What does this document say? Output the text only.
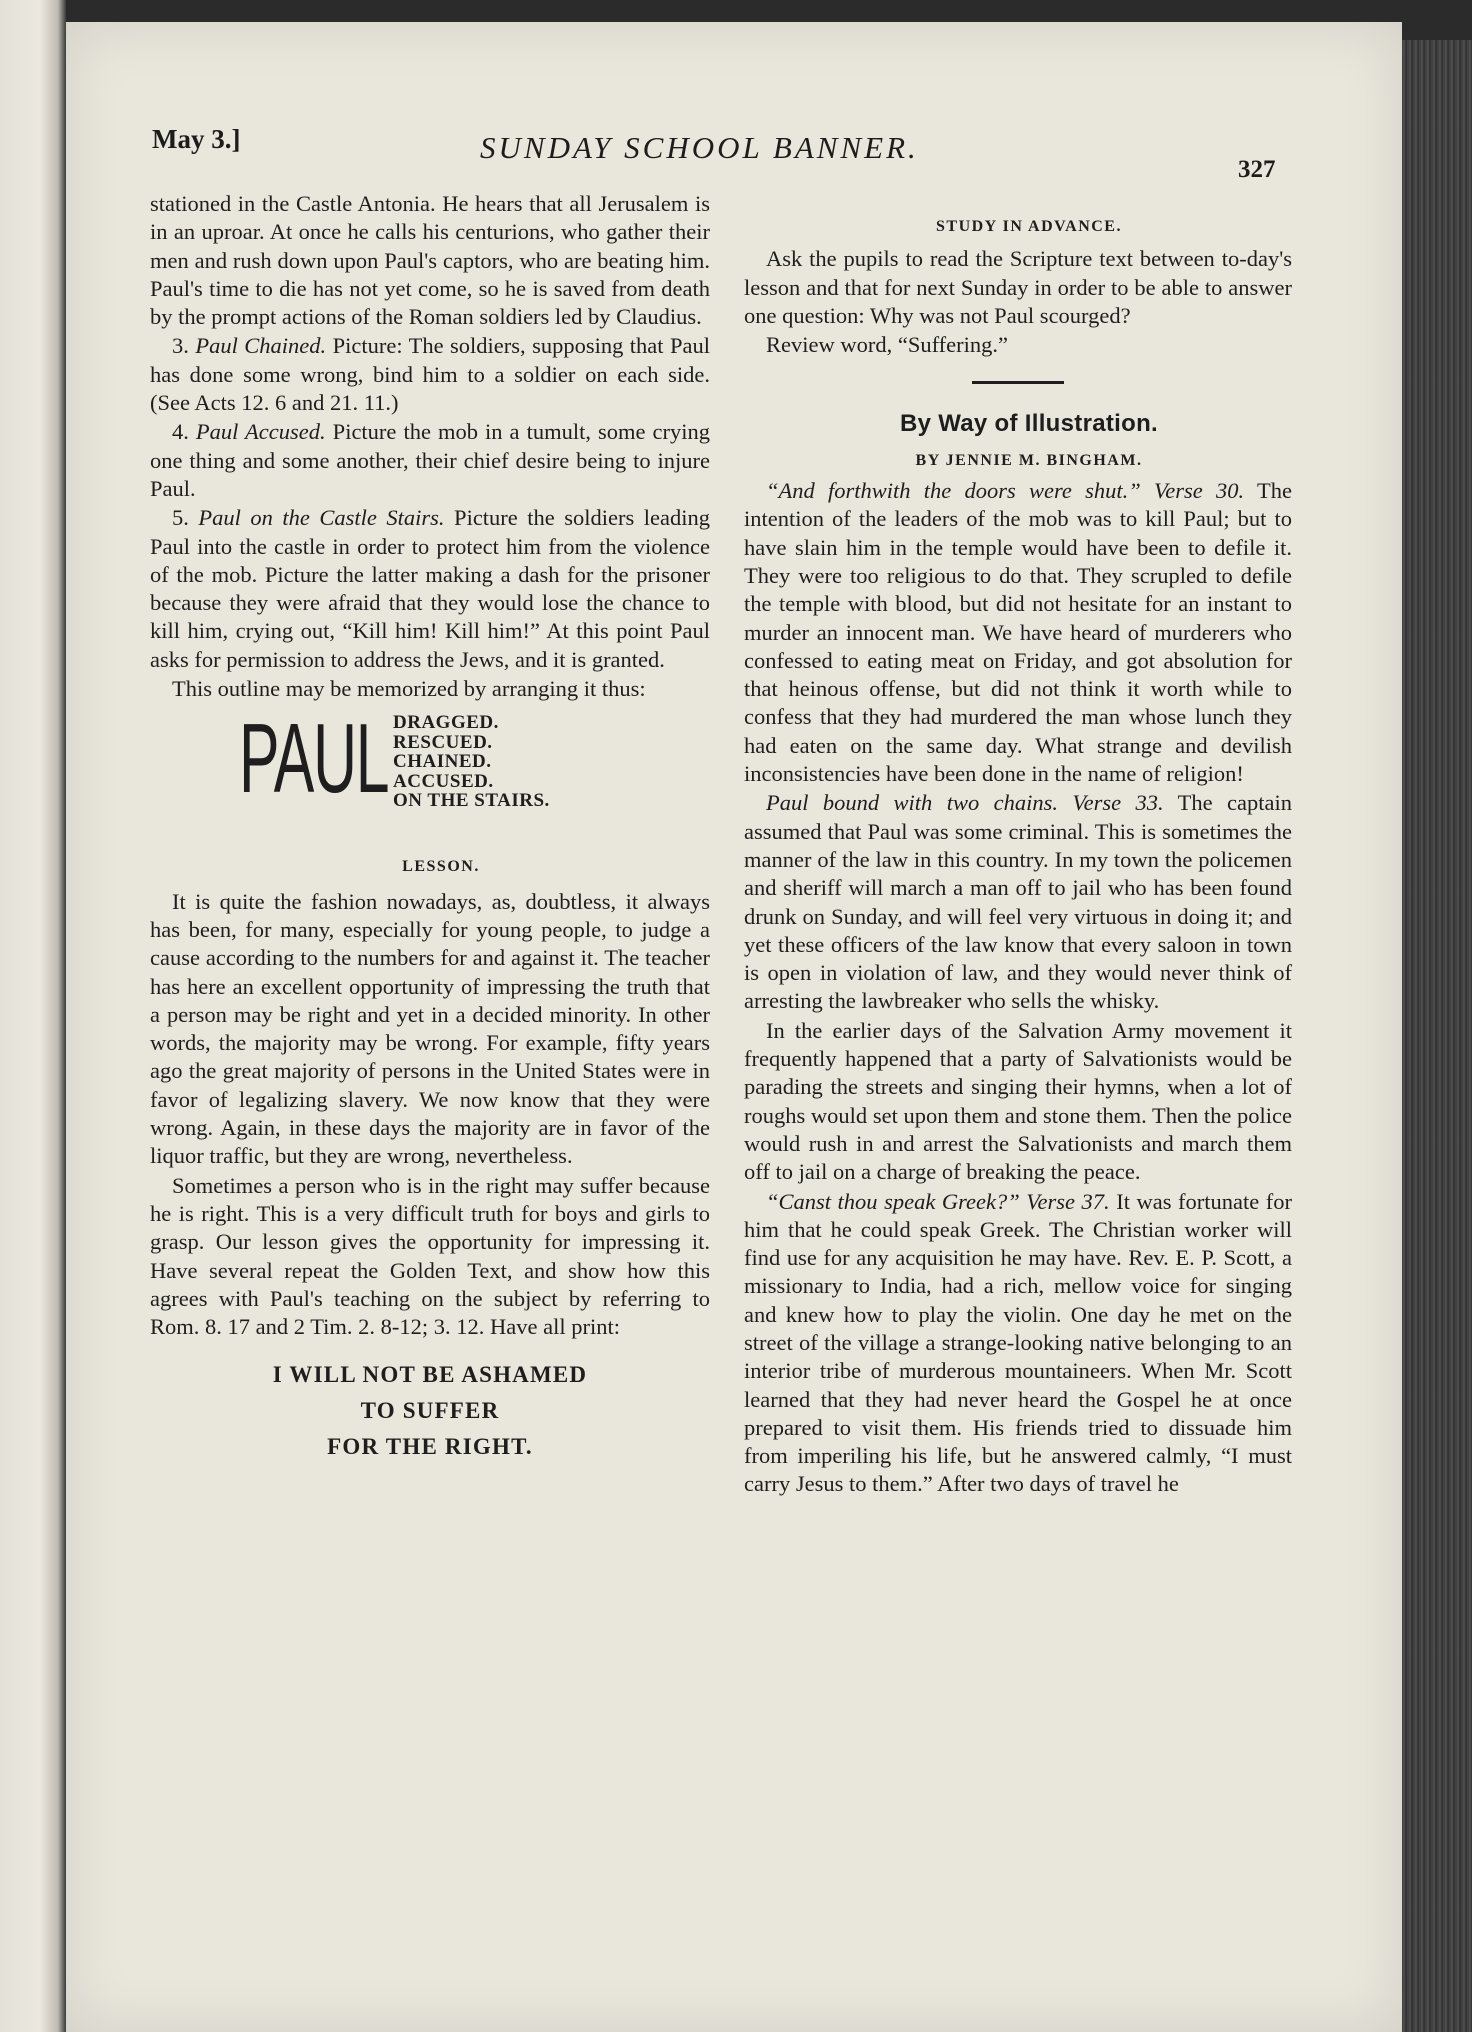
May 3.]	SUNDAY SCHOOL BANNER.
327

stationed in the Castle Antonia. He hears that all Jerusalem is in an uproar. At once he calls his centurions, who gather their men and rush down upon Paul's captors, who are beating him. Paul's time to die has not yet come, so he is saved from death by the prompt actions of the Roman soldiers led by Claudius.

3. Paul Chained. Picture: The soldiers, supposing that Paul has done some wrong, bind him to a soldier on each side. (See Acts 12. 6 and 21. 11.)

4. Paul Accused. Picture the mob in a tumult, some crying one thing and some another, their chief desire being to injure Paul.

5. Paul on the Castle Stairs. Picture the soldiers leading Paul into the castle in order to protect him from the violence of the mob. Picture the latter making a dash for the prisoner because they were afraid that they would lose the chance to kill him, crying out, “Kill him! Kill him!” At this point Paul asks for permission to address the Jews, and it is granted.

This outline may be memorized by arranging it thus:

PAUL DRAGGED.
RESCUED.
CHAINED.
ACCUSED.
ON THE STAIRS.

LESSON.

It is quite the fashion nowadays, as, doubtless, it always has been, for many, especially for young people, to judge a cause according to the numbers for and against it. The teacher has here an excellent opportunity of impressing the truth that a person may be right and yet in a decided minority. In other words, the majority may be wrong. For example, fifty years ago the great majority of persons in the United States were in favor of legalizing slavery. We now know that they were wrong. Again, in these days the majority are in favor of the liquor traffic, but they are wrong, nevertheless.

Sometimes a person who is in the right may suffer because he is right. This is a very difficult truth for boys and girls to grasp. Our lesson gives the opportunity for impressing it. Have several repeat the Golden Text, and show how this agrees with Paul's teaching on the subject by referring to Rom. 8. 17 and 2 Tim. 2. 8-12; 3. 12. Have all print:

I WILL NOT BE ASHAMED
TO SUFFER
FOR THE RIGHT.

STUDY IN ADVANCE.

Ask the pupils to read the Scripture text between to-day's lesson and that for next Sunday in order to be able to answer one question: Why was not Paul scourged?

Review word, “Suffering.”

By Way of Illustration.

BY JENNIE M. BINGHAM.

“And forthwith the doors were shut.” Verse 30. The intention of the leaders of the mob was to kill Paul; but to have slain him in the temple would have been to defile it. They were too religious to do that. They scrupled to defile the temple with blood, but did not hesitate for an instant to murder an innocent man. We have heard of murderers who confessed to eating meat on Friday, and got absolution for that heinous offense, but did not think it worth while to confess that they had murdered the man whose lunch they had eaten on the same day. What strange and devilish inconsistencies have been done in the name of religion!

Paul bound with two chains. Verse 33. The captain assumed that Paul was some criminal. This is sometimes the manner of the law in this country. In my town the policemen and sheriff will march a man off to jail who has been found drunk on Sunday, and will feel very virtuous in doing it; and yet these officers of the law know that every saloon in town is open in violation of law, and they would never think of arresting the lawbreaker who sells the whisky.

In the earlier days of the Salvation Army movement it frequently happened that a party of Salvationists would be parading the streets and singing their hymns, when a lot of roughs would set upon them and stone them. Then the police would rush in and arrest the Salvationists and march them off to jail on a charge of breaking the peace.

“Canst thou speak Greek?” Verse 37. It was fortunate for him that he could speak Greek. The Christian worker will find use for any acquisition he may have. Rev. E. P. Scott, a missionary to India, had a rich, mellow voice for singing and knew how to play the violin. One day he met on the street of the village a strange-looking native belonging to an interior tribe of murderous mountaineers. When Mr. Scott learned that they had never heard the Gospel he at once prepared to visit them. His friends tried to dissuade him from imperiling his life, but he answered calmly, “I must carry Jesus to them.” After two days of travel he
